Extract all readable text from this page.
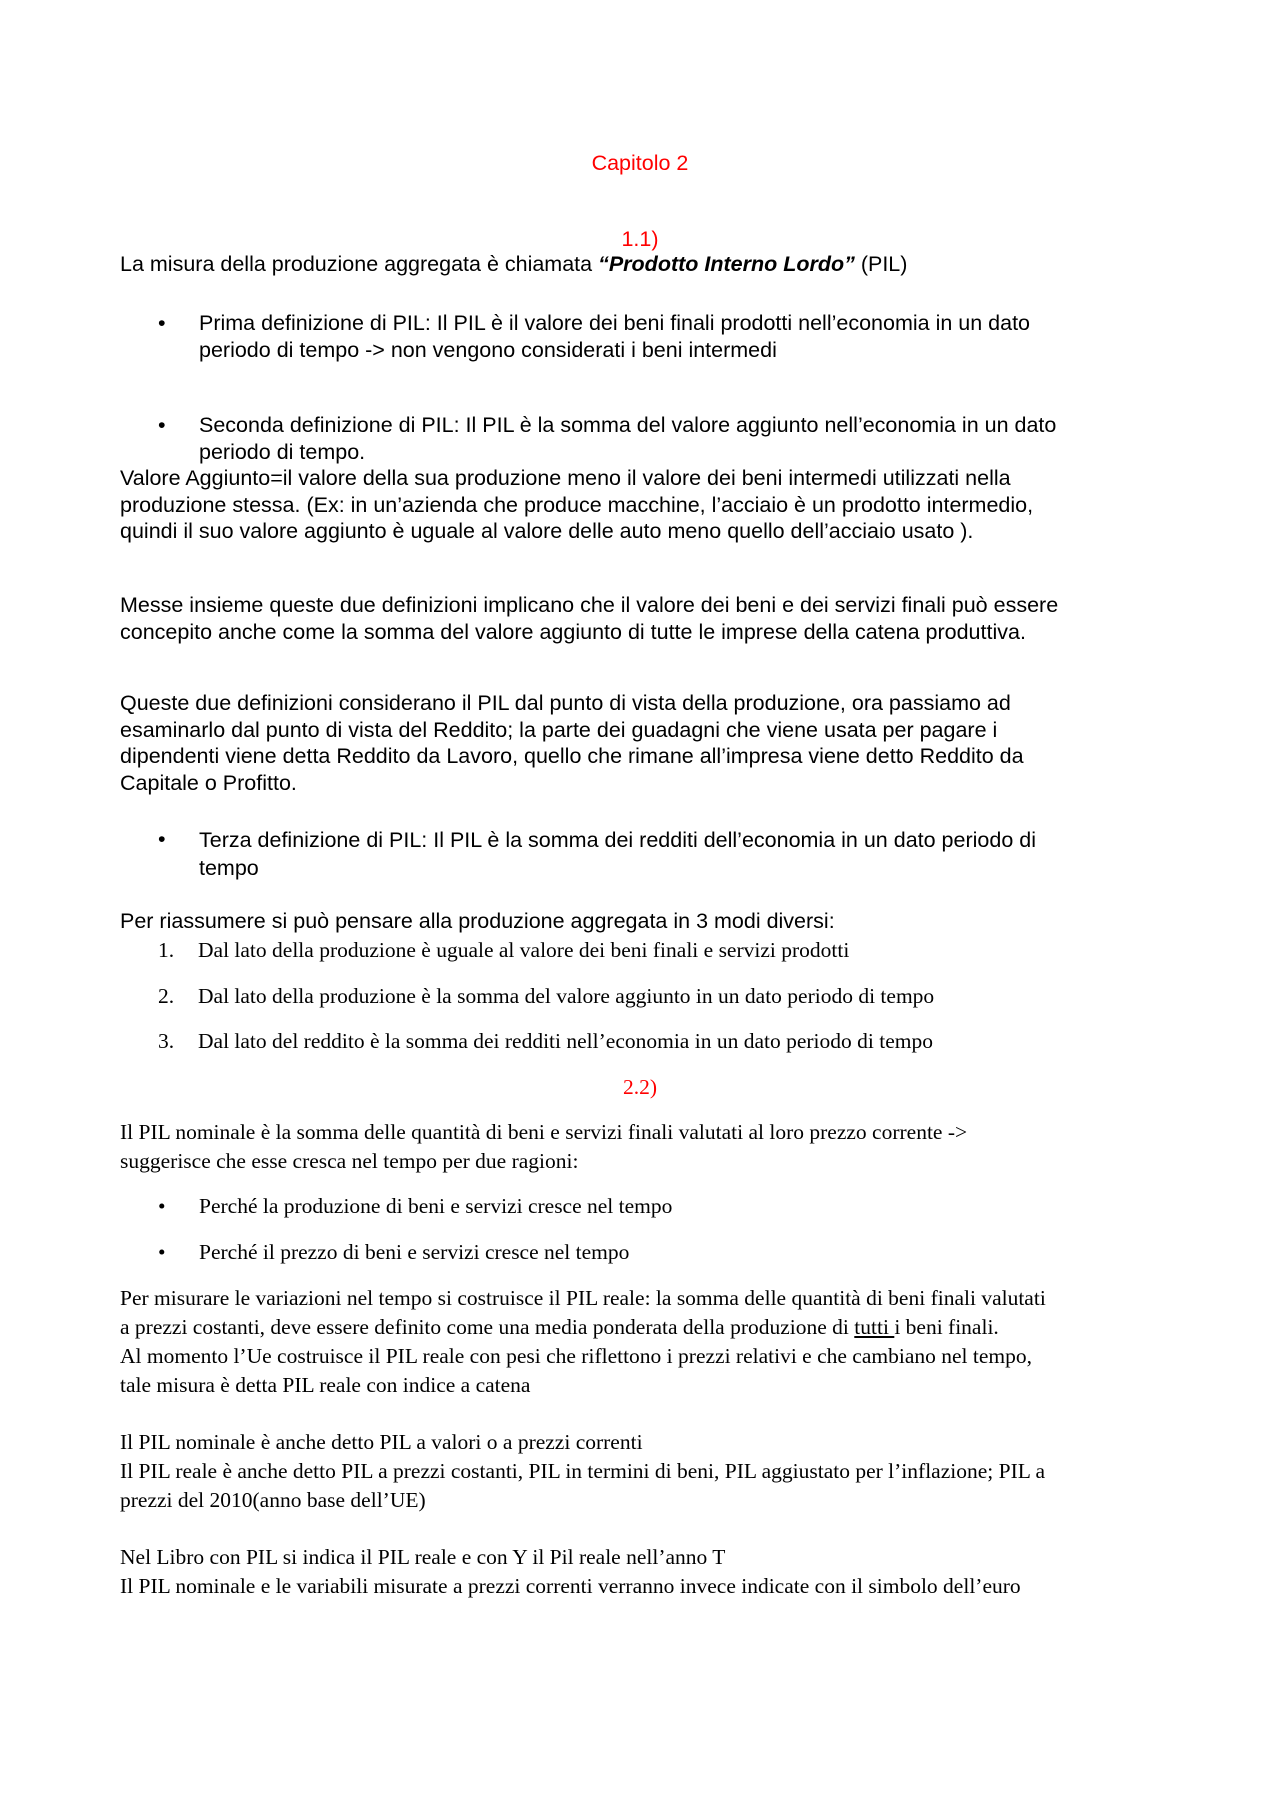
Capitolo 2
1.1)
La misura della produzione aggregata è chiamata “Prodotto Interno Lordo” (PIL)
• Prima definizione di PIL: Il PIL è il valore dei beni finali prodotti nell’economia in un dato
periodo di tempo -> non vengono considerati i beni intermedi
• Seconda definizione di PIL: Il PIL è la somma del valore aggiunto nell’economia in un dato
periodo di tempo.
Valore Aggiunto=il valore della sua produzione meno il valore dei beni intermedi utilizzati nella
produzione stessa. (Ex: in un’azienda che produce macchine, l’acciaio è un prodotto intermedio,
quindi il suo valore aggiunto è uguale al valore delle auto meno quello dell’acciaio usato ).
Messe insieme queste due definizioni implicano che il valore dei beni e dei servizi finali può essere
concepito anche come la somma del valore aggiunto di tutte le imprese della catena produttiva.
Queste due definizioni considerano il PIL dal punto di vista della produzione, ora passiamo ad
esaminarlo dal punto di vista del Reddito; la parte dei guadagni che viene usata per pagare i
dipendenti viene detta Reddito da Lavoro, quello che rimane all’impresa viene detto Reddito da
Capitale o Profitto.
• Terza definizione di PIL: Il PIL è la somma dei redditi dell’economia in un dato periodo di
tempo
Per riassumere si può pensare alla produzione aggregata in 3 modi diversi:
1. Dal lato della produzione è uguale al valore dei beni finali e servizi prodotti
2. Dal lato della produzione è la somma del valore aggiunto in un dato periodo di tempo
3. Dal lato del reddito è la somma dei redditi nell’economia in un dato periodo di tempo
2.2)
Il PIL nominale è la somma delle quantità di beni e servizi finali valutati al loro prezzo corrente ->
suggerisce che esse cresca nel tempo per due ragioni:
• Perché la produzione di beni e servizi cresce nel tempo
• Perché il prezzo di beni e servizi cresce nel tempo
Per misurare le variazioni nel tempo si costruisce il PIL reale: la somma delle quantità di beni finali valutati
a prezzi costanti, deve essere definito come una media ponderata della produzione di tutti i beni finali.
Al momento l’Ue costruisce il PIL reale con pesi che riflettono i prezzi relativi e che cambiano nel tempo,
tale misura è detta PIL reale con indice a catena
Il PIL nominale è anche detto PIL a valori o a prezzi correnti
Il PIL reale è anche detto PIL a prezzi costanti, PIL in termini di beni, PIL aggiustato per l’inflazione; PIL a
prezzi del 2010(anno base dell’UE)
Nel Libro con PIL si indica il PIL reale e con Y il Pil reale nell’anno T
Il PIL nominale e le variabili misurate a prezzi correnti verranno invece indicate con il simbolo dell’euro
